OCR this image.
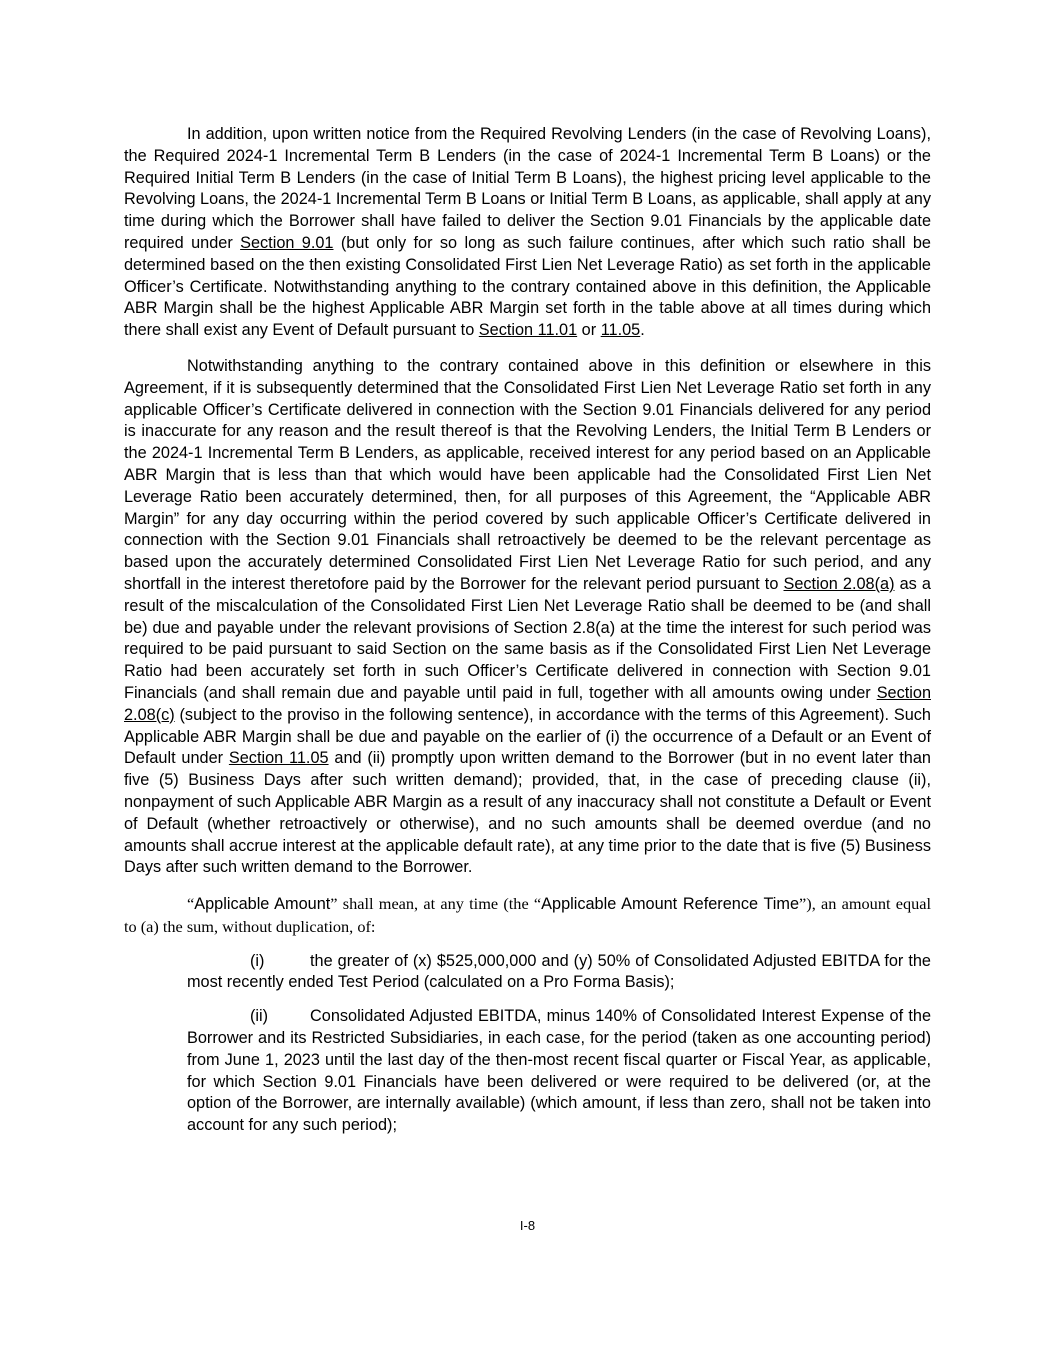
In addition, upon written notice from the Required Revolving Lenders (in the case of Revolving Loans), the Required 2024-1 Incremental Term B Lenders (in the case of 2024-1 Incremental Term B Loans) or the Required Initial Term B Lenders (in the case of Initial Term B Loans), the highest pricing level applicable to the Revolving Loans, the 2024-1 Incremental Term B Loans or Initial Term B Loans, as applicable, shall apply at any time during which the Borrower shall have failed to deliver the Section 9.01 Financials by the applicable date required under Section 9.01 (but only for so long as such failure continues, after which such ratio shall be determined based on the then existing Consolidated First Lien Net Leverage Ratio) as set forth in the applicable Officer’s Certificate. Notwithstanding anything to the contrary contained above in this definition, the Applicable ABR Margin shall be the highest Applicable ABR Margin set forth in the table above at all times during which there shall exist any Event of Default pursuant to Section 11.01 or 11.05.

Notwithstanding anything to the contrary contained above in this definition or elsewhere in this Agreement, if it is subsequently determined that the Consolidated First Lien Net Leverage Ratio set forth in any applicable Officer’s Certificate delivered in connection with the Section 9.01 Financials delivered for any period is inaccurate for any reason and the result thereof is that the Revolving Lenders, the Initial Term B Lenders or the 2024-1 Incremental Term B Lenders, as applicable, received interest for any period based on an Applicable ABR Margin that is less than that which would have been applicable had the Consolidated First Lien Net Leverage Ratio been accurately determined, then, for all purposes of this Agreement, the “Applicable ABR Margin” for any day occurring within the period covered by such applicable Officer’s Certificate delivered in connection with the Section 9.01 Financials shall retroactively be deemed to be the relevant percentage as based upon the accurately determined Consolidated First Lien Net Leverage Ratio for such period, and any shortfall in the interest theretofore paid by the Borrower for the relevant period pursuant to Section 2.08(a) as a result of the miscalculation of the Consolidated First Lien Net Leverage Ratio shall be deemed to be (and shall be) due and payable under the relevant provisions of Section 2.8(a) at the time the interest for such period was required to be paid pursuant to said Section on the same basis as if the Consolidated First Lien Net Leverage Ratio had been accurately set forth in such Officer’s Certificate delivered in connection with Section 9.01 Financials (and shall remain due and payable until paid in full, together with all amounts owing under Section 2.08(c) (subject to the proviso in the following sentence), in accordance with the terms of this Agreement). Such Applicable ABR Margin shall be due and payable on the earlier of (i) the occurrence of a Default or an Event of Default under Section 11.05 and (ii) promptly upon written demand to the Borrower (but in no event later than five (5) Business Days after such written demand); provided, that, in the case of preceding clause (ii), nonpayment of such Applicable ABR Margin as a result of any inaccuracy shall not constitute a Default or Event of Default (whether retroactively or otherwise), and no such amounts shall be deemed overdue (and no amounts shall accrue interest at the applicable default rate), at any time prior to the date that is five (5) Business Days after such written demand to the Borrower.

“Applicable Amount” shall mean, at any time (the “Applicable Amount Reference Time”), an amount equal to (a) the sum, without duplication, of:

(i)	the greater of (x) $525,000,000 and (y) 50% of Consolidated Adjusted EBITDA for the most recently ended Test Period (calculated on a Pro Forma Basis);

(ii)	Consolidated Adjusted EBITDA, minus 140% of Consolidated Interest Expense of the Borrower and its Restricted Subsidiaries, in each case, for the period (taken as one accounting period) from June 1, 2023 until the last day of the then-most recent fiscal quarter or Fiscal Year, as applicable, for which Section 9.01 Financials have been delivered or were required to be delivered (or, at the option of the Borrower, are internally available) (which amount, if less than zero, shall not be taken into account for any such period);

I-8
